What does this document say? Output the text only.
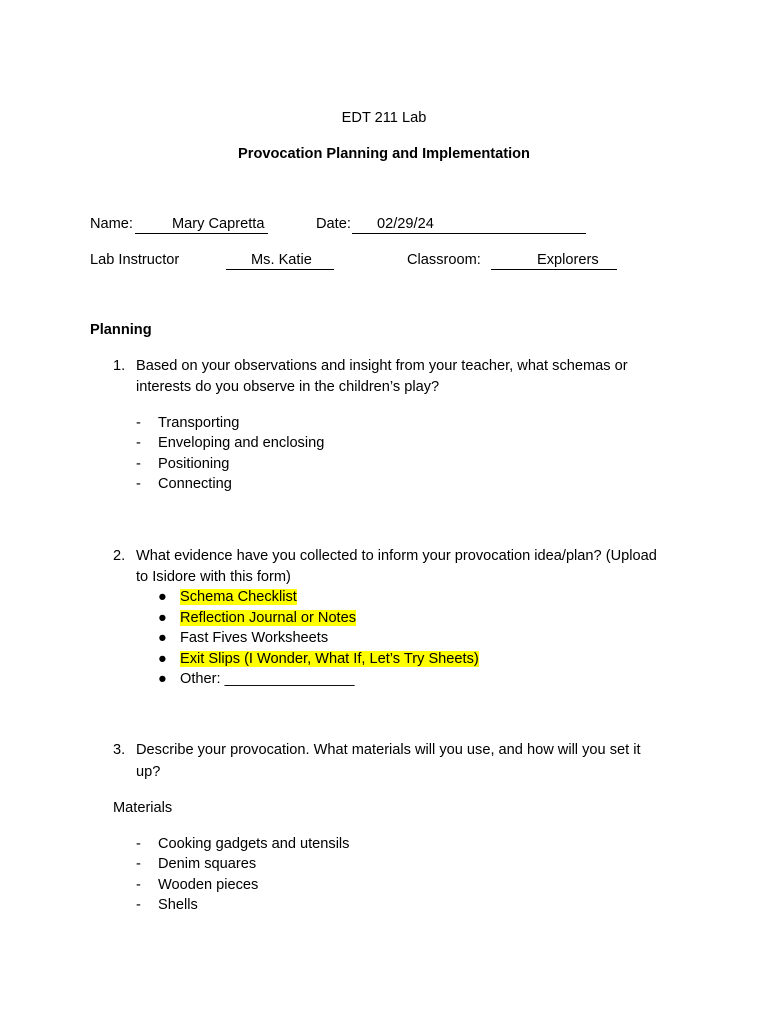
EDT 211 Lab
Provocation Planning and Implementation
Name:	Mary Capretta	Date:	02/29/24
Lab Instructor	Ms. Katie	Classroom:	Explorers
Planning
1. Based on your observations and insight from your teacher, what schemas or
interests do you observe in the children’s play?
- Transporting
- Enveloping and enclosing
- Positioning
- Connecting
2. What evidence have you collected to inform your provocation idea/plan? (Upload
to Isidore with this form)
● Schema Checklist
● Reflection Journal or Notes
● Fast Fives Worksheets
● Exit Slips (I Wonder, What If, Let’s Try Sheets)
● Other: ________________
3. Describe your provocation. What materials will you use, and how will you set it
up?
Materials
- Cooking gadgets and utensils
- Denim squares
- Wooden pieces
- Shells
